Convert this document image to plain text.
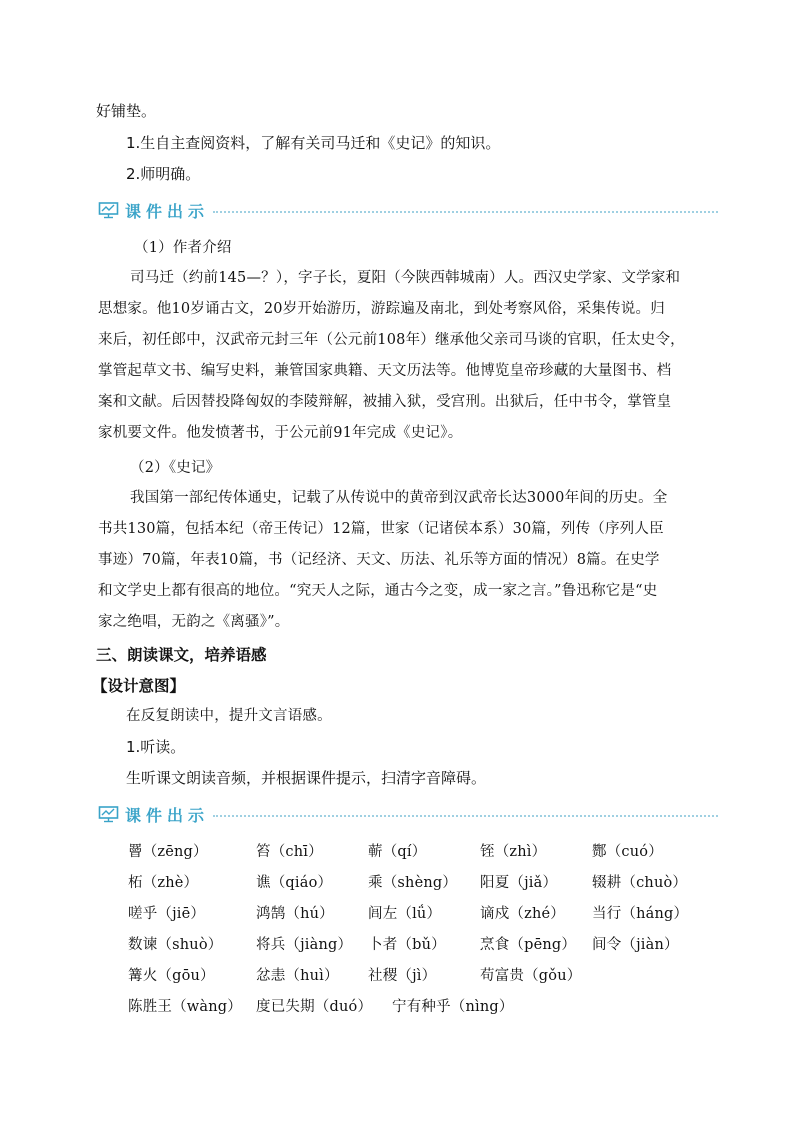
好铺垫。
1.生自主查阅资料，了解有关司马迁和《史记》的知识。
2.师明确。
课件出示
（1）作者介绍
司马迁（约前145—？），字子长，夏阳（今陕西韩城南）人。西汉史学家、文学家和
思想家。他10岁诵古文，20岁开始游历，游踪遍及南北，到处考察风俗，采集传说。归
来后，初任郎中，汉武帝元封三年（公元前108年）继承他父亲司马谈的官职，任太史令，
掌管起草文书、编写史料，兼管国家典籍、天文历法等。他博览皇帝珍藏的大量图书、档
案和文献。后因替投降匈奴的李陵辩解，被捕入狱，受宫刑。出狱后，任中书令，掌管皇
家机要文件。他发愤著书，于公元前91年完成《史记》。
（2）《史记》
我国第一部纪传体通史，记载了从传说中的黄帝到汉武帝长达3000年间的历史。全
书共130篇，包括本纪（帝王传记）12篇，世家（记诸侯本系）30篇，列传（序列人臣
事迹）70篇，年表10篇，书（记经济、天文、历法、礼乐等方面的情况）8篇。在史学
和文学史上都有很高的地位。“究天人之际，通古今之变，成一家之言。”鲁迅称它是“史
家之绝唱，无韵之《离骚》”。
三、朗读课文，培养语感
【设计意图】
在反复朗读中，提升文言语感。
1.听读。
生听课文朗读音频，并根据课件提示，扫清字音障碍。
课件出示
罾（zēng）	笞（chī）	蕲（qí）	铚（zhì）	酂（cuó）
柘（zhè）	谯（qiáo） 乘（shèng） 阳夏（jiǎ） 辍耕（chuò）
嗟乎（jiē）	鸿鹄（hú） 闾左（lǘ）	谪戍（zhé） 当行（háng）
数谏（shuò） 将兵（jiàng） 卜者（bǔ） 烹食（pēng） 间令（jiàn）
篝火（gōu）	忿恚（huì） 社稷（jì）	苟富贵（gǒu）
陈胜王（wàng） 度已失期（duó） 宁有种乎（nìng）
